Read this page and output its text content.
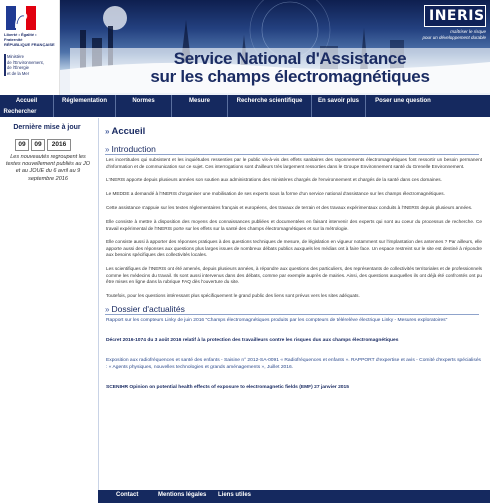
Liberté • Égalité • Fraternité
RÉPUBLIQUE FRANÇAISE
Ministère
de l'Environnement,
de l'Énergie
et de la Mer
Service National d'Assistance
sur les champs électromagnétiques
INERIS
maîtriser le risque
pour un développement durable
Accueil	Réglementation	Normes	Mesure	Recherche scientifique	En savoir plus	Poser une question
Rechercher
Dernière mise à jour
09	09	2016
Les nouveautés regroupent les textes nouvellement publiés au JO et au JOUE du 6 avril au 9 septembre 2016
» Accueil
» Introduction
Les incertitudes qui subsistent et les inquiétudes ressenties par le public vis-à-vis des effets sanitaires des rayonnements électromagnétiques font ressortir un besoin permanent d'information et de communication sur ce sujet. Ces interrogations sont d'ailleurs très largement ressorties dans le Groupe Environnement santé du Grenelle Environnement.
L'INERIS apporte depuis plusieurs années son soutien aux administrations des ministères chargés de l'environnement et chargés de la santé dans ces domaines.
Le MEDDE a demandé à l'INERIS d'organiser une mobilisation de ses experts sous la forme d'un service national d'assistance sur les champs électromagnétiques.
Cette assistance s'appuie sur les textes réglementaires français et européens, des travaux de terrain et des travaux expérimentaux conduits à l'INERIS depuis plusieurs années.
Elle consiste à mettre à disposition des moyens des connaissances publiées et documentées en faisant intervenir des experts qui sont au coeur du processus de recherche. Ce travail expérimental de l'INERIS porte sur les effets sur la santé des champs électromagnétiques et sur la métrologie.
Elle consiste aussi à apporter des réponses pratiques à des questions techniques de mesure, de législation en vigueur notamment sur l'implantation des antennes ? Par ailleurs, elle apporte aussi des réponses aux questions plus larges issues de nombreux débats publics auxquels les médias ont à faire face. Un espace restreint sur le site est destiné à répondre aux besoins spécifiques des collectivités locales.
Les scientifiques de l'INERIS ont été amenés, depuis plusieurs années, à répondre aux questions des particuliers, des représentants de collectivités territoriales et de professionnels comme les médecins du travail. Ils sont aussi intervenus dans des débats, comme par exemple auprès de mairies. Ainsi, des questions auxquelles ils ont déjà été confrontés ont pu être mises en ligne dans la rubrique FAQ dès l'ouverture du site.
Toutefois, pour les questions intéressant plus spécifiquement le grand public des liens sont prévus vers les sites adéquats.
» Dossier d'actualités
Rapport sur les compteurs Linky de juin 2016 "Champs électromagnétiques produits par les compteurs de télérelève électrique Linky - Mesures exploratoires"
Décret 2016-1074 du 3 août 2016 relatif à la protection des travailleurs contre les risques dus aux champs électromagnétiques
Exposition aux radiofréquences et santé des enfants - Saisine n° 2012-SA-0091 « Radiofréquences et enfants ». RAPPORT d'expertise et avis - Comité d'experts spécialisés : « Agents physiques, nouvelles technologies et grands aménagements », Juillet 2016.
SCENIHR Opinion on potential health effects of exposure to electromagnetic fields (EMF) 27 janvier 2015
Contact	Mentions légales Liens utiles
